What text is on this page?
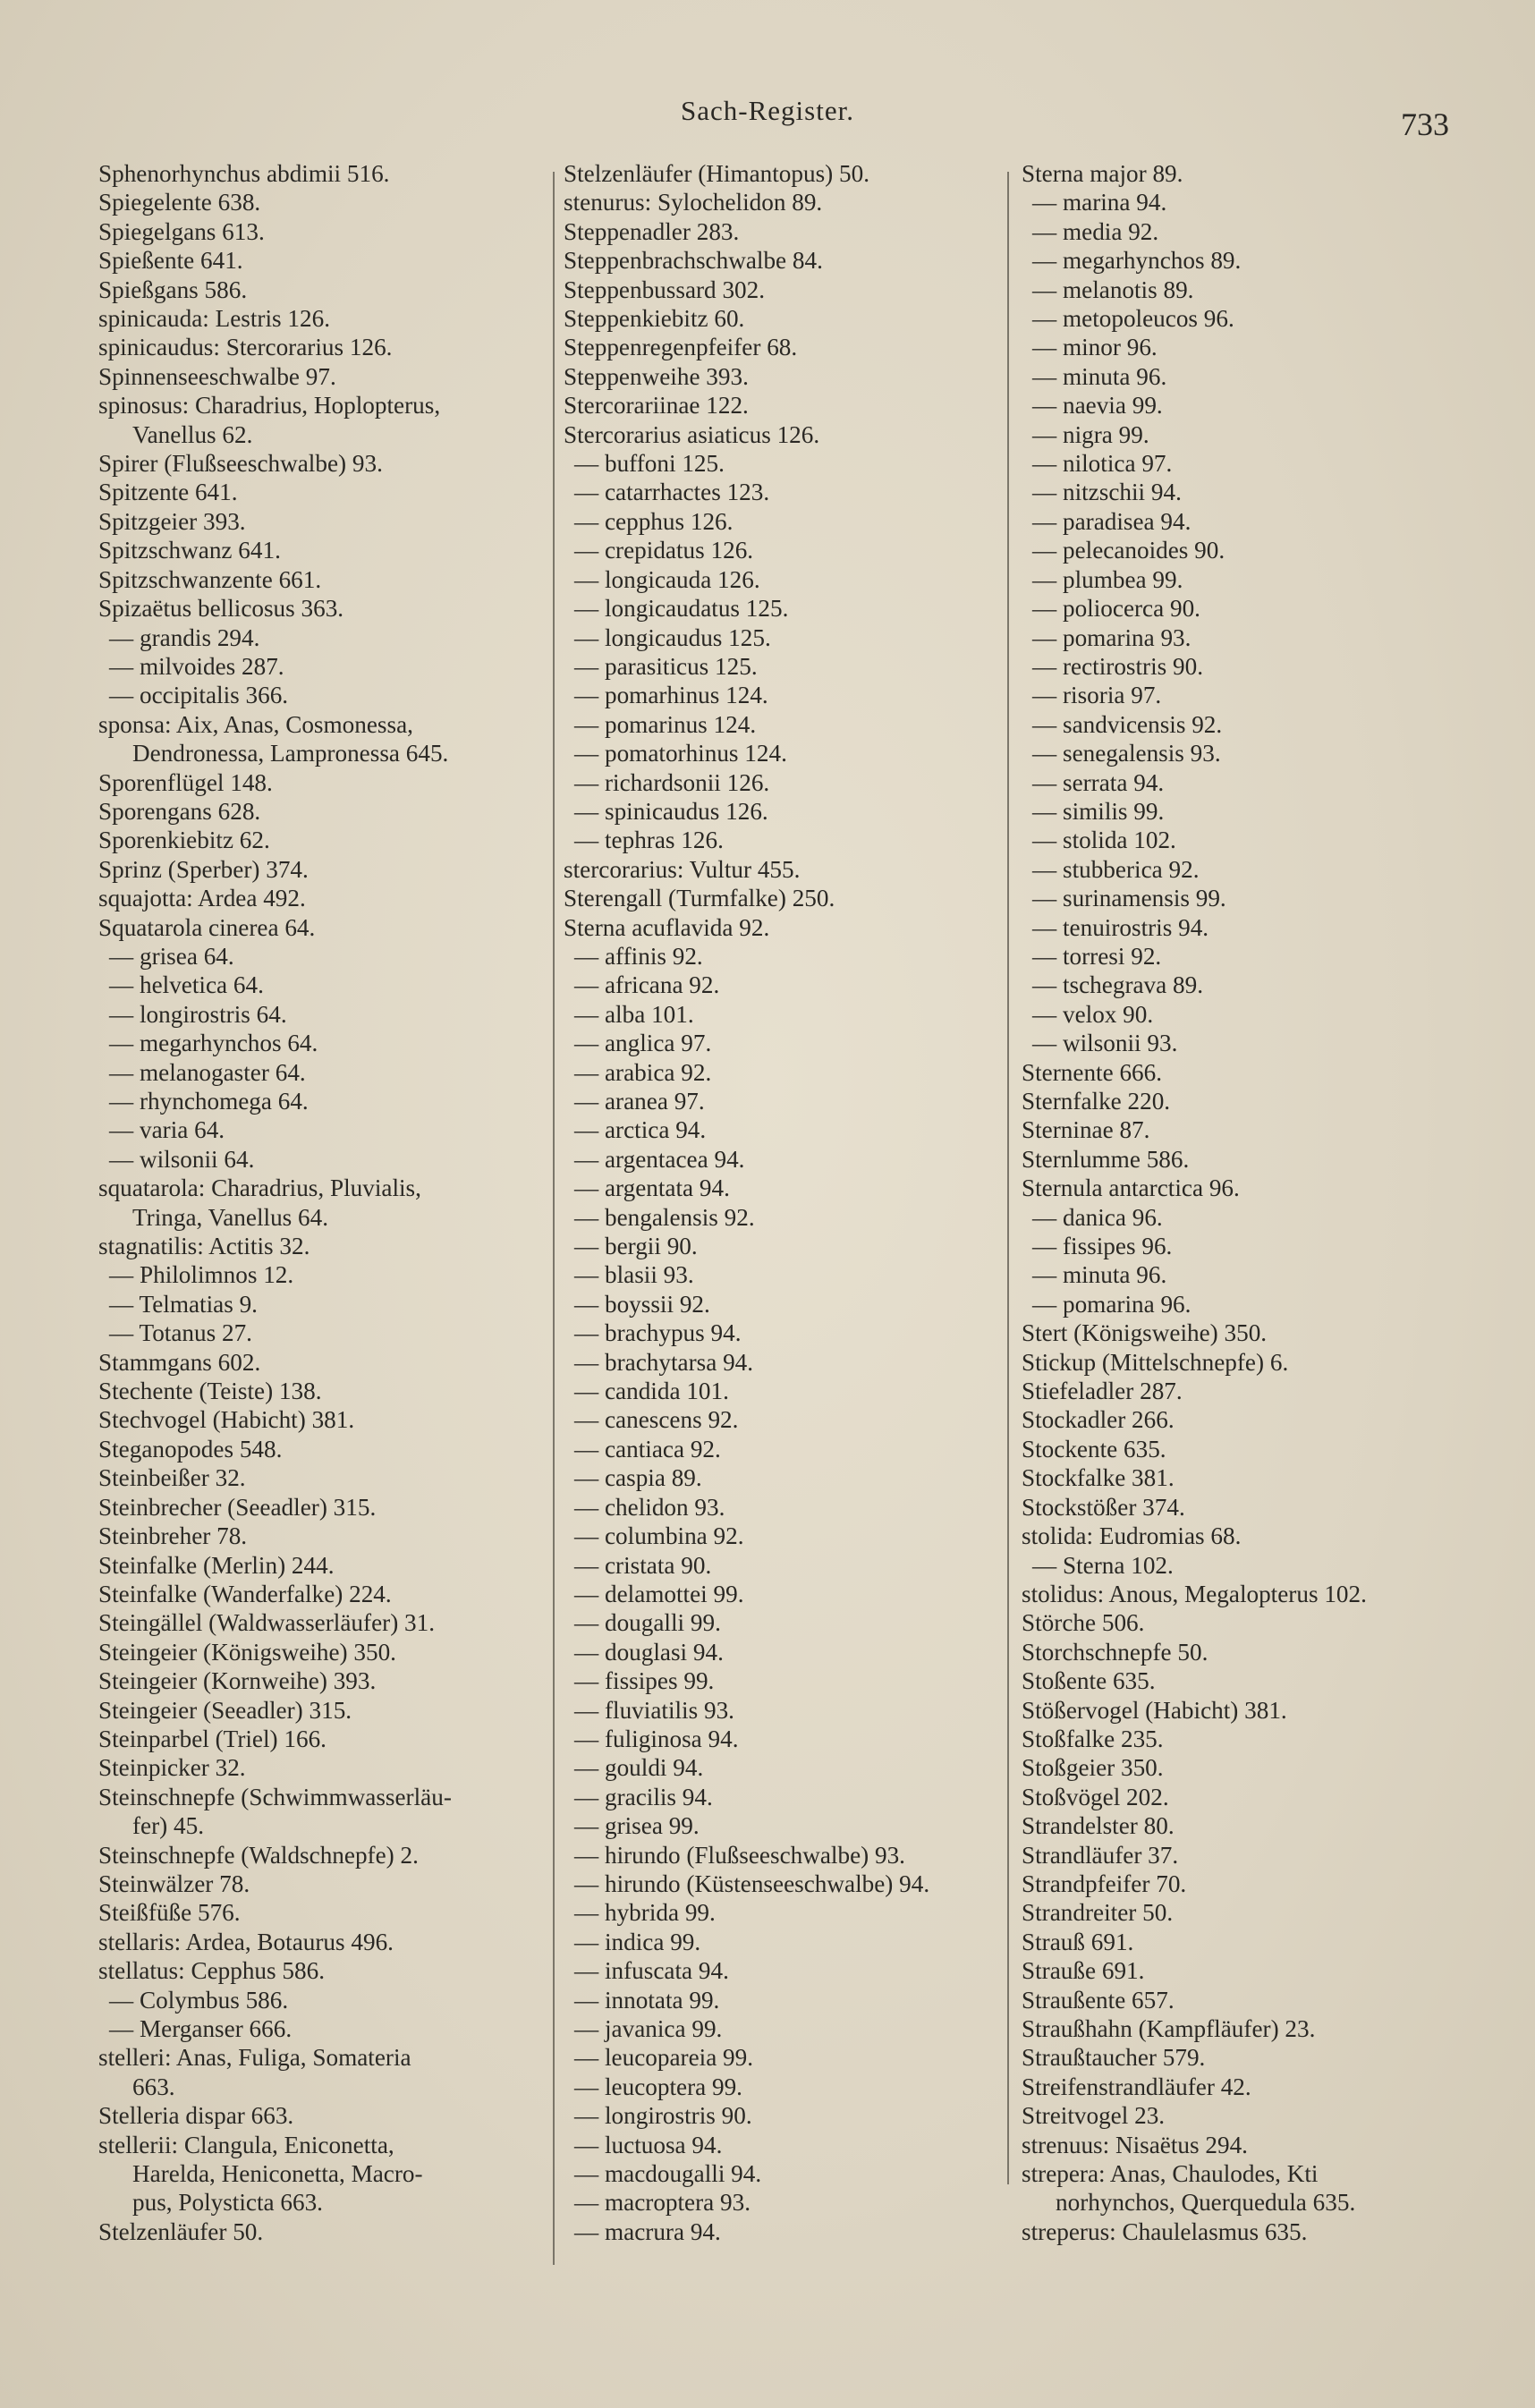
Sach-Register.	733
Sphenorhynchus abdimii 516.
Spiegelente 638.
Spiegelgans 613.
Spießente 641.
Spießgans 586.
spinicauda: Lestris 126.
spinicaudus: Stercorarius 126.
Spinnenseeschwalbe 97.
spinosus: Charadrius, Hoplopterus,
Vanellus 62.
Spirer (Flußseeschwalbe) 93.
Spitzente 641.
Spitzgeier 393.
Spitzschwanz 641.
Spitzschwanzente 661.
Spizaëtus bellicosus 363.
— grandis 294.
— milvoides 287.
— occipitalis 366.
sponsa: Aix, Anas, Cosmonessa,
Dendronessa, Lampronessa 645.
Sporenflügel 148.
Sporengans 628.
Sporenkiebitz 62.
Sprinz (Sperber) 374.
squajotta: Ardea 492.
Squatarola cinerea 64.
— grisea 64.
— helvetica 64.
— longirostris 64.
— megarhynchos 64.
— melanogaster 64.
— rhynchomega 64.
— varia 64.
— wilsonii 64.
squatarola: Charadrius, Pluvialis,
Tringa, Vanellus 64.
stagnatilis: Actitis 32.
— Philolimnos 12.
— Telmatias 9.
— Totanus 27.
Stammgans 602.
Stechente (Teiste) 138.
Stechvogel (Habicht) 381.
Steganopodes 548.
Steinbeißer 32.
Steinbrecher (Seeadler) 315.
Steinbreher 78.
Steinfalke (Merlin) 244.
Steinfalke (Wanderfalke) 224.
Steingällel (Waldwasserläufer) 31.
Steingeier (Königsweihe) 350.
Steingeier (Kornweihe) 393.
Steingeier (Seeadler) 315.
Steinparbel (Triel) 166.
Steinpicker 32.
Steinschnepfe (Schwimmwasserläu-
fer) 45.
Steinschnepfe (Waldschnepfe) 2.
Steinwälzer 78.
Steißfüße 576.
stellaris: Ardea, Botaurus 496.
stellatus: Cepphus 586.
— Colymbus 586.
— Merganser 666.
stelleri: Anas, Fuliga, Somateria
663.
Stelleria dispar 663.
stellerii: Clangula, Eniconetta,
Harelda, Heniconetta, Macro-
pus, Polysticta 663.
Stelzenläufer 50.
Stelzenläufer (Himantopus) 50.
stenurus: Sylochelidon 89.
Steppenadler 283.
Steppenbrachschwalbe 84.
Steppenbussard 302.
Steppenkiebitz 60.
Steppenregenpfeifer 68.
Steppenweihe 393.
Stercorariinae 122.
Stercorarius asiaticus 126.
— buffoni 125.
— catarrhactes 123.
— cepphus 126.
— crepidatus 126.
— longicauda 126.
— longicaudatus 125.
— longicaudus 125.
— parasiticus 125.
— pomarhinus 124.
— pomarinus 124.
— pomatorhinus 124.
— richardsonii 126.
— spinicaudus 126.
— tephras 126.
stercorarius: Vultur 455.
Sterengall (Turmfalke) 250.
Sterna acuflavida 92.
— affinis 92.
— africana 92.
— alba 101.
— anglica 97.
— arabica 92.
— aranea 97.
— arctica 94.
— argentacea 94.
— argentata 94.
— bengalensis 92.
— bergii 90.
— blasii 93.
— boyssii 92.
— brachypus 94.
— brachytarsa 94.
— candida 101.
— canescens 92.
— cantiaca 92.
— caspia 89.
— chelidon 93.
— columbina 92.
— cristata 90.
— delamottei 99.
— dougalli 99.
— douglasi 94.
— fissipes 99.
— fluviatilis 93.
— fuliginosa 94.
— gouldi 94.
— gracilis 94.
— grisea 99.
— hirundo (Flußseeschwalbe) 93.
— hirundo (Küstenseeschwalbe) 94.
— hybrida 99.
— indica 99.
— infuscata 94.
— innotata 99.
— javanica 99.
— leucopareia 99.
— leucoptera 99.
— longirostris 90.
— luctuosa 94.
— macdougalli 94.
— macroptera 93.
— macrura 94.
Sterna major 89.
— marina 94.
— media 92.
— megarhynchos 89.
— melanotis 89.
— metopoleucos 96.
— minor 96.
— minuta 96.
— naevia 99.
— nigra 99.
— nilotica 97.
— nitzschii 94.
— paradisea 94.
— pelecanoides 90.
— plumbea 99.
— poliocerca 90.
— pomarina 93.
— rectirostris 90.
— risoria 97.
— sandvicensis 92.
— senegalensis 93.
— serrata 94.
— similis 99.
— stolida 102.
— stubberica 92.
— surinamensis 99.
— tenuirostris 94.
— torresi 92.
— tschegrava 89.
— velox 90.
— wilsonii 93.
Sternente 666.
Sternfalke 220.
Sterninae 87.
Sternlumme 586.
Sternula antarctica 96.
— danica 96.
— fissipes 96.
— minuta 96.
— pomarina 96.
Stert (Königsweihe) 350.
Stickup (Mittelschnepfe) 6.
Stiefeladler 287.
Stockadler 266.
Stockente 635.
Stockfalke 381.
Stockstößer 374.
stolida: Eudromias 68.
— Sterna 102.
stolidus: Anous, Megalopterus 102.
Störche 506.
Storchschnepfe 50.
Stoßente 635.
Stößervogel (Habicht) 381.
Stoßfalke 235.
Stoßgeier 350.
Stoßvögel 202.
Strandelster 80.
Strandläufer 37.
Strandpfeifer 70.
Strandreiter 50.
Strauß 691.
Strauße 691.
Straußente 657.
Straußhahn (Kampfläufer) 23.
Straußtaucher 579.
Streifenstrandläufer 42.
Streitvogel 23.
strenuus: Nisaëtus 294.
strepera: Anas, Chaulodes, Kti
norhynchos, Querquedula 635.
streperus: Chaulelasmus 635.
